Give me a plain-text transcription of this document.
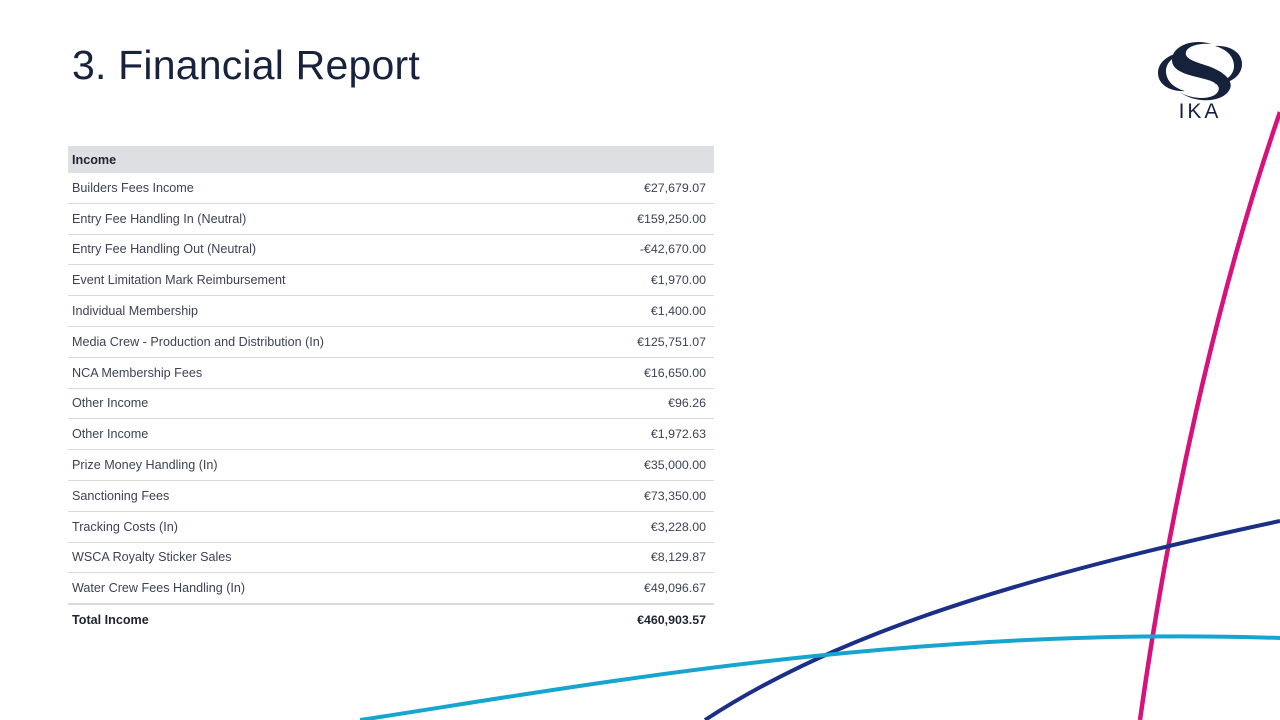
3. Financial Report
IKA
Income
Builders Fees Income	€27,679.07
Entry Fee Handling In (Neutral)	€159,250.00
Entry Fee Handling Out (Neutral)	-€42,670.00
Event Limitation Mark Reimbursement	€1,970.00
Individual Membership	€1,400.00
Media Crew - Production and Distribution (In)	€125,751.07
NCA Membership Fees	€16,650.00
Other Income	€96.26
Other Income	€1,972.63
Prize Money Handling (In)	€35,000.00
Sanctioning Fees	€73,350.00
Tracking Costs (In)	€3,228.00
WSCA Royalty Sticker Sales	€8,129.87
Water Crew Fees Handling (In)	€49,096.67
Total Income	€460,903.57
